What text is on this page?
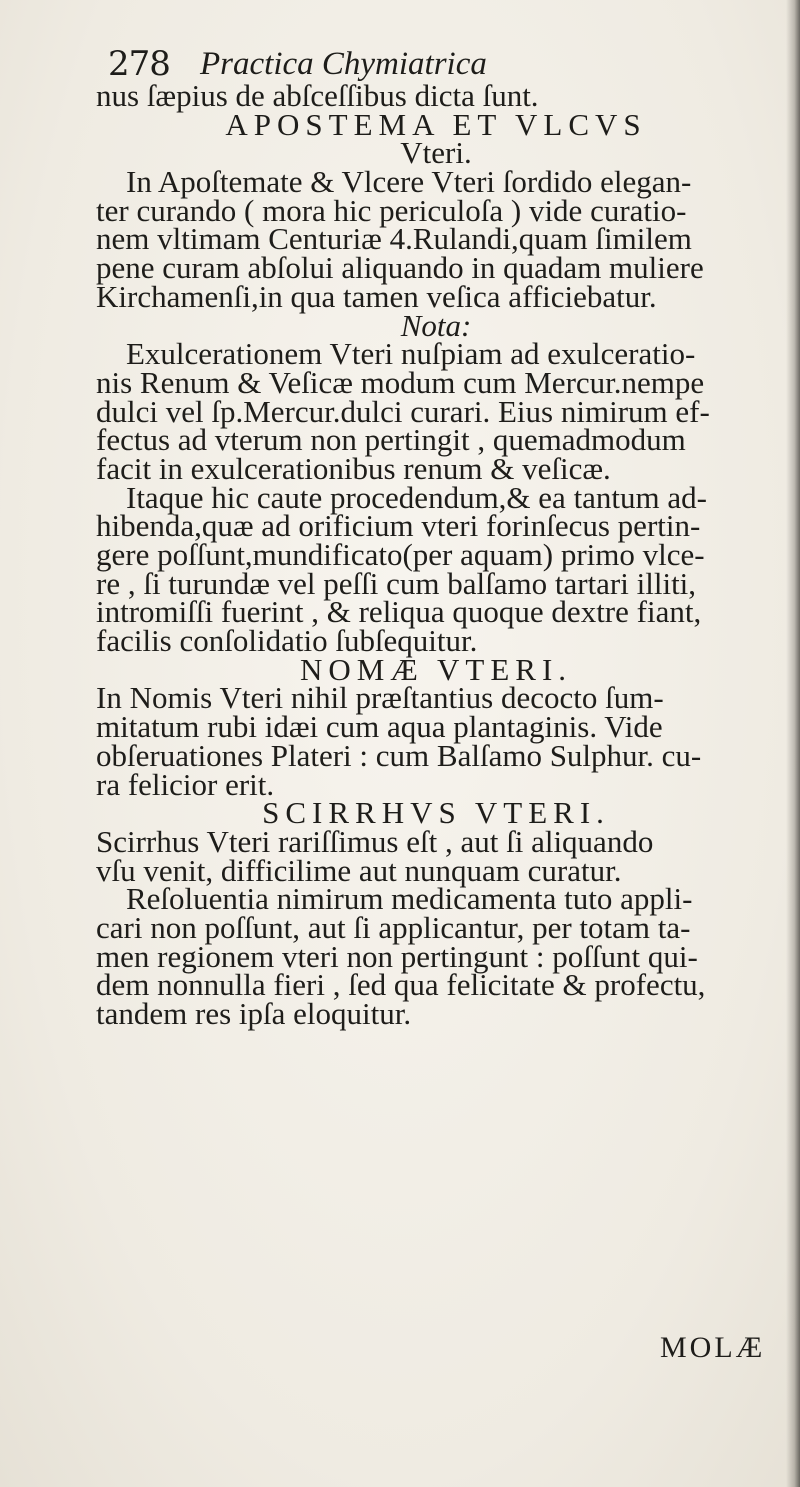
278 Practica Chymiatrica
nus ſæpius de abſceſſibus dicta ſunt.
APOSTEMA ET VLCVS
Vteri.
In Apoſtemate & Vlcere Vteri ſordido elegan-
ter curando ( mora hic periculoſa ) vide curatio-
nem vltimam Centuriæ 4.Rulandi,quam ſimilem
pene curam abſolui aliquando in quadam muliere
Kirchamenſi,in qua tamen veſica afficiebatur.
Nota:
Exulcerationem Vteri nuſpiam ad exulceratio-
nis Renum & Veſicæ modum cum Mercur.nempe
dulci vel ſp.Mercur.dulci curari. Eius nimirum ef-
fectus ad vterum non pertingit , quemadmodum
facit in exulcerationibus renum & veſicæ.
Itaque hic caute procedendum,& ea tantum ad-
hibenda,quæ ad orificium vteri forinſecus pertin-
gere poſſunt,mundificato(per aquam) primo vlce-
re , ſi turundæ vel peſſi cum balſamo tartari illiti,
intromiſſi fuerint , & reliqua quoque dextre fiant,
facilis conſolidatio ſubſequitur.
NOMÆ VTERI.
In Nomis Vteri nihil præſtantius decocto ſum-
mitatum rubi idæi cum aqua plantaginis. Vide
obſeruationes Plateri : cum Balſamo Sulphur. cu-
ra felicior erit.
SCIRRHVS VTERI.
Scirrhus Vteri rariſſimus eſt , aut ſi aliquando
vſu venit, difficilime aut nunquam curatur.
Reſoluentia nimirum medicamenta tuto appli-
cari non poſſunt, aut ſi applicantur, per totam ta-
men regionem vteri non pertingunt : poſſunt qui-
dem nonnulla fieri , ſed qua felicitate & profectu,
tandem res ipſa eloquitur.
MOLÆ
